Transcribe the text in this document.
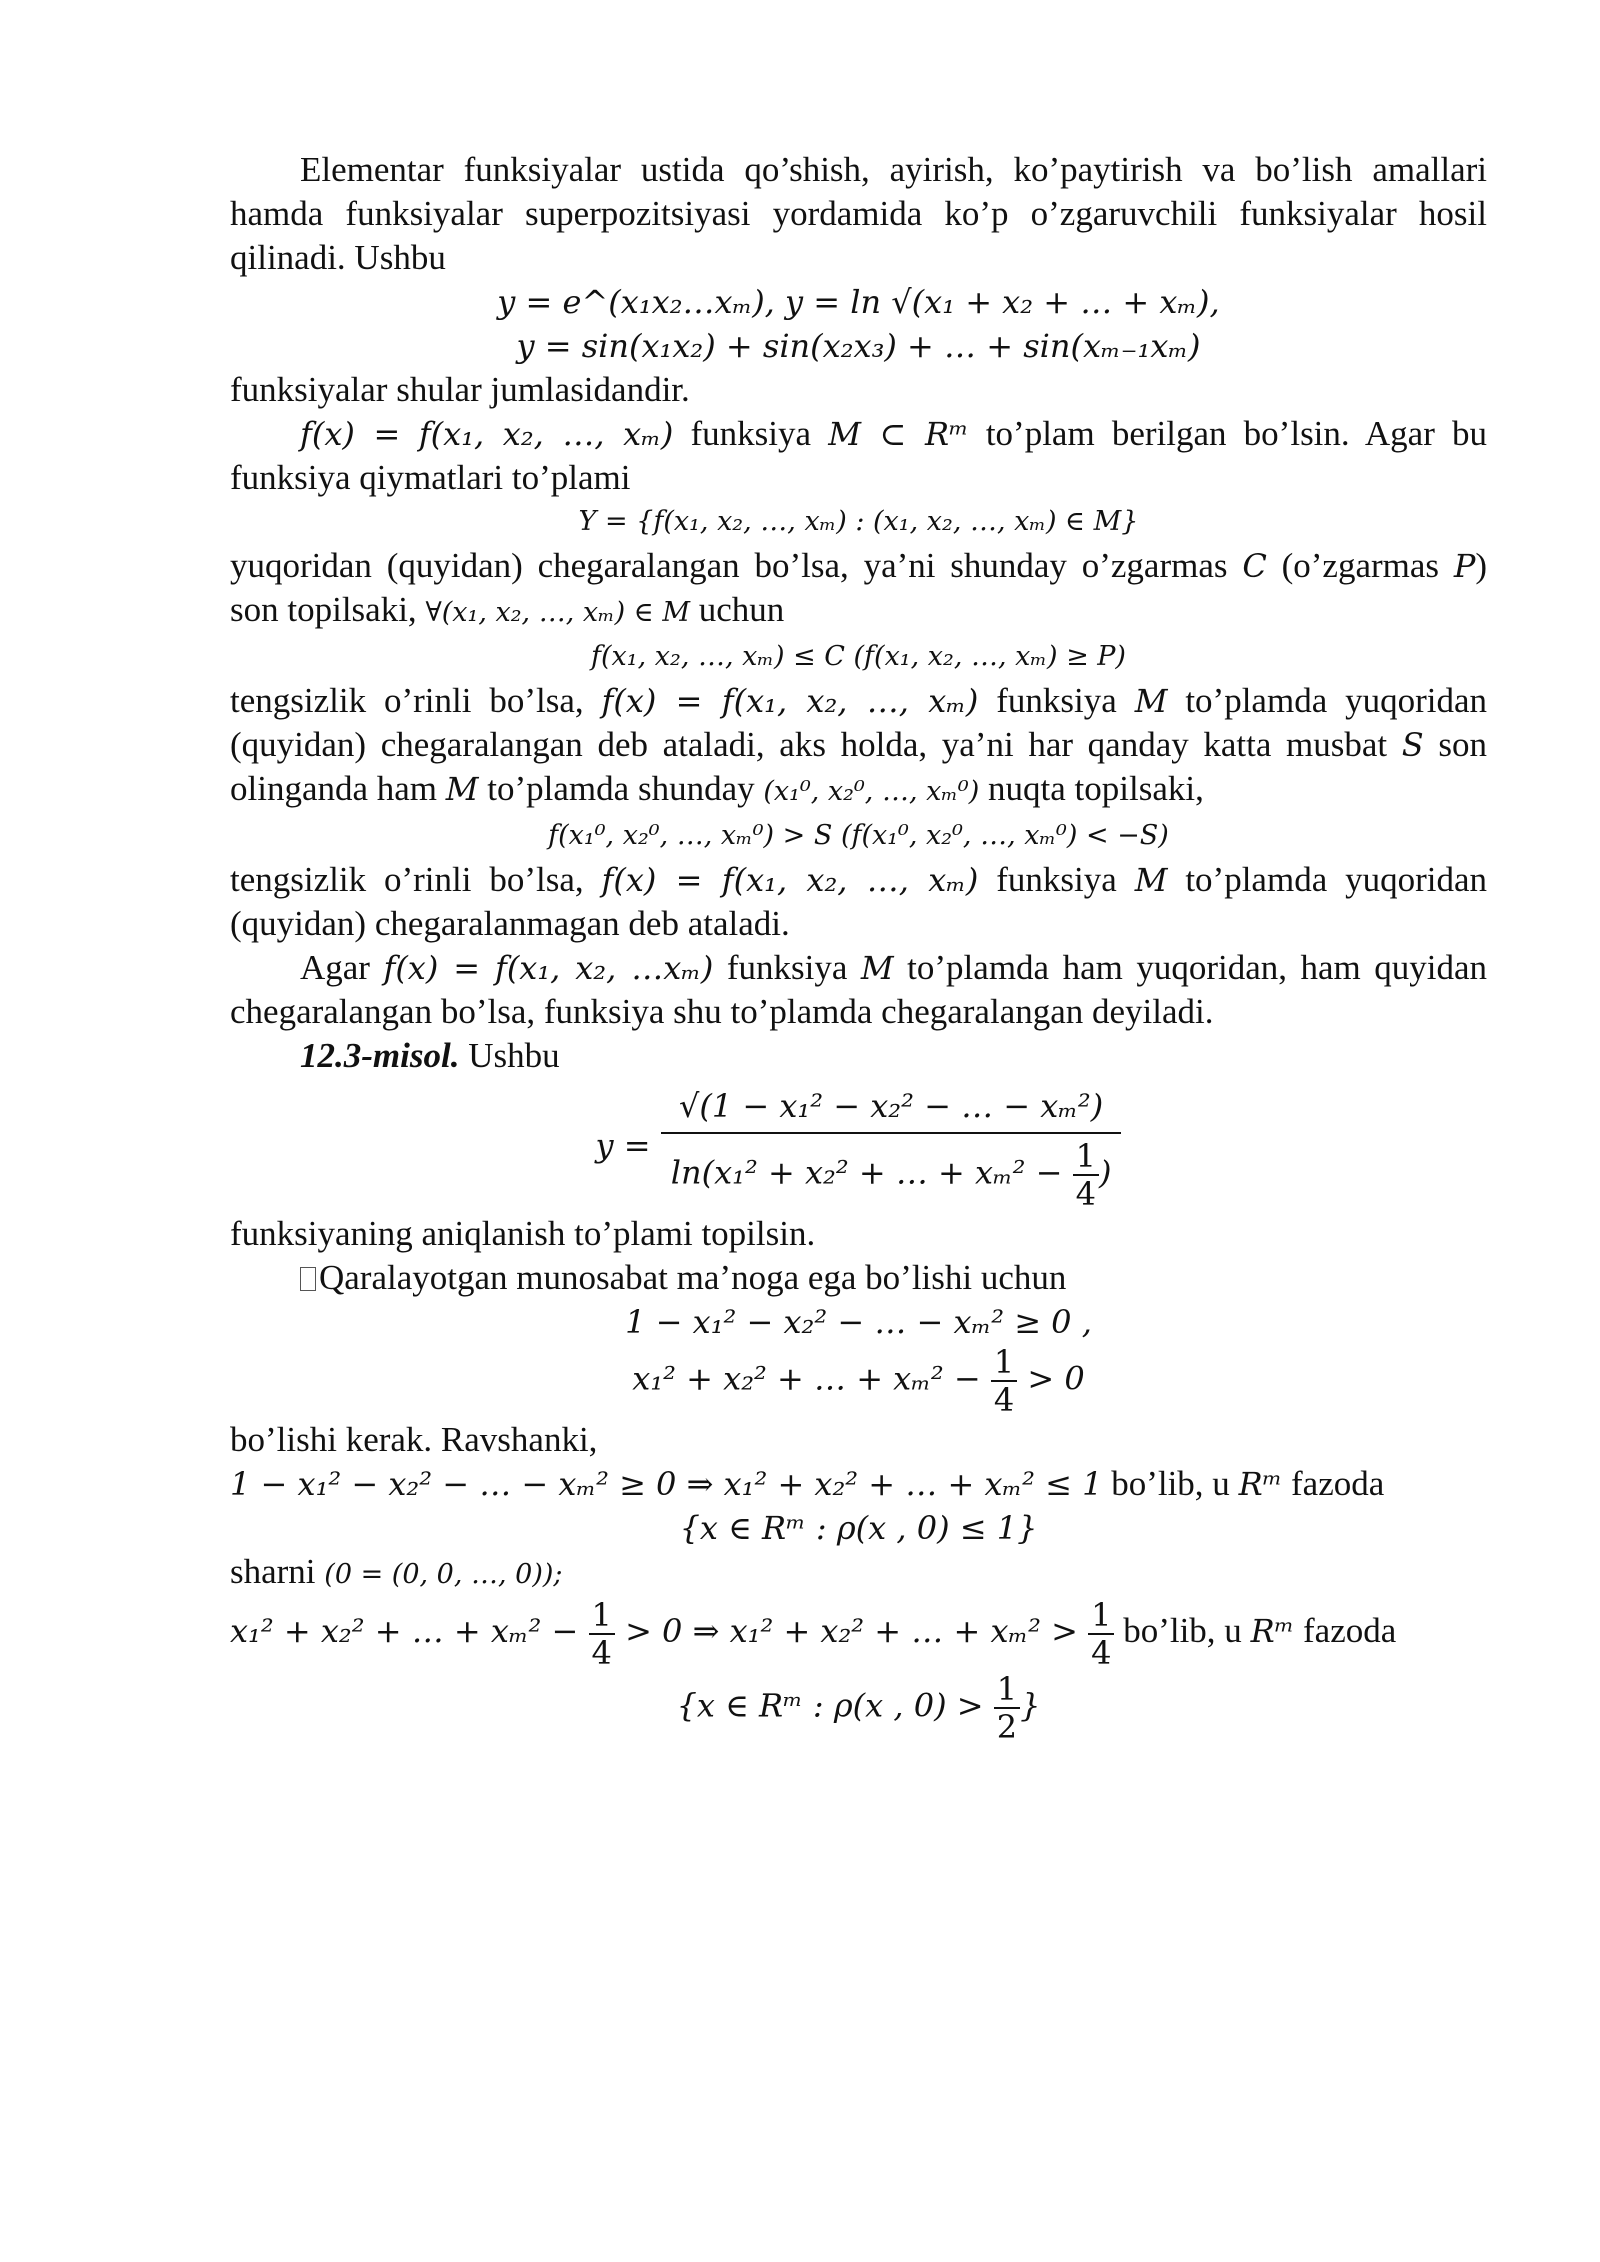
Elementar funksiyalar ustida qo’shish, ayirish, ko’paytirish va bo’lish amallari hamda funksiyalar superpozitsiyasi yordamida ko’p o’zgaruvchili funksiyalar hosil qilinadi. Ushbu

y = e^(x₁x₂…xₘ), y = ln √(x₁ + x₂ + … + xₘ),

y = sin(x₁x₂) + sin(x₂x₃) + … + sin(xₘ₋₁xₘ)

funksiyalar shular jumlasidandir.

f(x) = f(x₁, x₂, …, xₘ) funksiya M ⊂ Rᵐ to’plam berilgan bo’lsin. Agar bu funksiya qiymatlari to’plami

Y = {f(x₁, x₂, …, xₘ) : (x₁, x₂, …, xₘ) ∈ M}

yuqoridan (quyidan) chegaralangan bo’lsa, ya’ni shunday o’zgarmas C (o’zgarmas P) son topilsaki, ∀(x₁, x₂, …, xₘ) ∈ M uchun

f(x₁, x₂, …, xₘ) ≤ C (f(x₁, x₂, …, xₘ) ≥ P)

tengsizlik o’rinli bo’lsa, f(x) = f(x₁, x₂, …, xₘ) funksiya M to’plamda yuqoridan (quyidan) chegaralangan deb ataladi, aks holda, ya’ni har qanday katta musbat S son olinganda ham M to’plamda shunday (x₁⁰, x₂⁰, …, xₘ⁰) nuqta topilsaki,

f(x₁⁰, x₂⁰, …, xₘ⁰) > S (f(x₁⁰, x₂⁰, …, xₘ⁰) < −S)

tengsizlik o’rinli bo’lsa, f(x) = f(x₁, x₂, …, xₘ) funksiya M to’plamda yuqoridan (quyidan) chegaralanmagan deb ataladi.

Agar f(x) = f(x₁, x₂, …xₘ) funksiya M to’plamda ham yuqoridan, ham quyidan chegaralangan bo’lsa, funksiya shu to’plamda chegaralangan deyiladi.

12.3-misol. Ushbu

$y = \frac{\text{√(1 − x₁² − x₂² − … − xₘ²)}}{\ln(x_1^2 + x_2^2 + \dots + x_m^2 - \frac{1}{4} )}$

funksiyaning aniqlanish to’plami topilsin.

Qaralayotgan munosabat ma’noga ega bo’lishi uchun

1 − x₁² − x₂² − … − xₘ² ≥ 0 ,

x₁² + x₂² + … + $x_m^2 - \frac{1}{4} > 0$

bo’lishi kerak. Ravshanki,

1 − x₁² − x₂² − … − xₘ² ≥ 0 ⇒ x₁² + x₂² + … + xₘ² ≤ 1 bo’lib, u Rᵐ fazoda

{x ∈ Rᵐ : ρ(x , 0) ≤ 1}

sharni (0 = (0, 0, …, 0));

x₁² + x₂² + … + $x_m^2 - \frac{1}{4} > 0$ ⇒ x₁² + x₂² + … + $x_m^2 > \frac{1}{4}$ bo’lib, u Rᵐ fazoda

{x ∈ Rᵐ : ρ(x , $0) > \frac{1}{2}$ }
